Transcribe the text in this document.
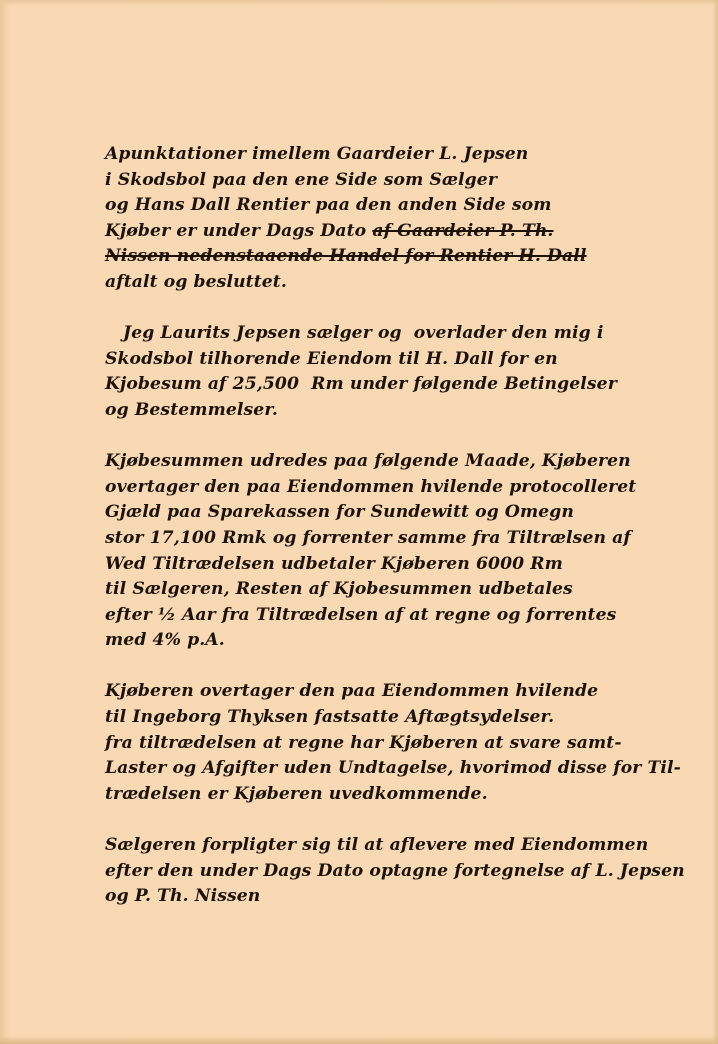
Apunktationer imellem Gaardeier L. Jepsen
i Skodsbol paa den ene Side som Sælger
og Hans Dall Rentier paa den anden Side som
Kjøber er under Dags Dato af Gaardeier P. Th.
Nissen nedenstaaende Handel for Rentier H. Dall
aftalt og besluttet.
Jeg Laurits Jepsen sælger og  overlader den mig i
Skodsbol tilhorende Eiendom til H. Dall for en
Kjobesum af 25,500  Rm under følgende Betingelser
og Bestemmelser.
Kjøbesummen udredes paa følgende Maade, Kjøberen
overtager den paa Eiendommen hvilende protocolleret
Gjæld paa Sparekassen for Sundewitt og Omegn
stor 17,100 Rmk og forrenter samme fra Tiltrælsen af
Wed Tiltrædelsen udbetaler Kjøberen 6000 Rm
til Sælgeren, Resten af Kjobesummen udbetales
efter ½ Aar fra Tiltrædelsen af at regne og forrentes
med 4% p.A.
Kjøberen overtager den paa Eiendommen hvilende
til Ingeborg Thyksen fastsatte Aftægtsydelser.
fra tiltrædelsen at regne har Kjøberen at svare samt-
Laster og Afgifter uden Undtagelse, hvorimod disse for Til-
trædelsen er Kjøberen uvedkommende.
Sælgeren forpligter sig til at aflevere med Eiendommen
efter den under Dags Dato optagne fortegnelse af L. Jepsen
og P. Th. Nissen
